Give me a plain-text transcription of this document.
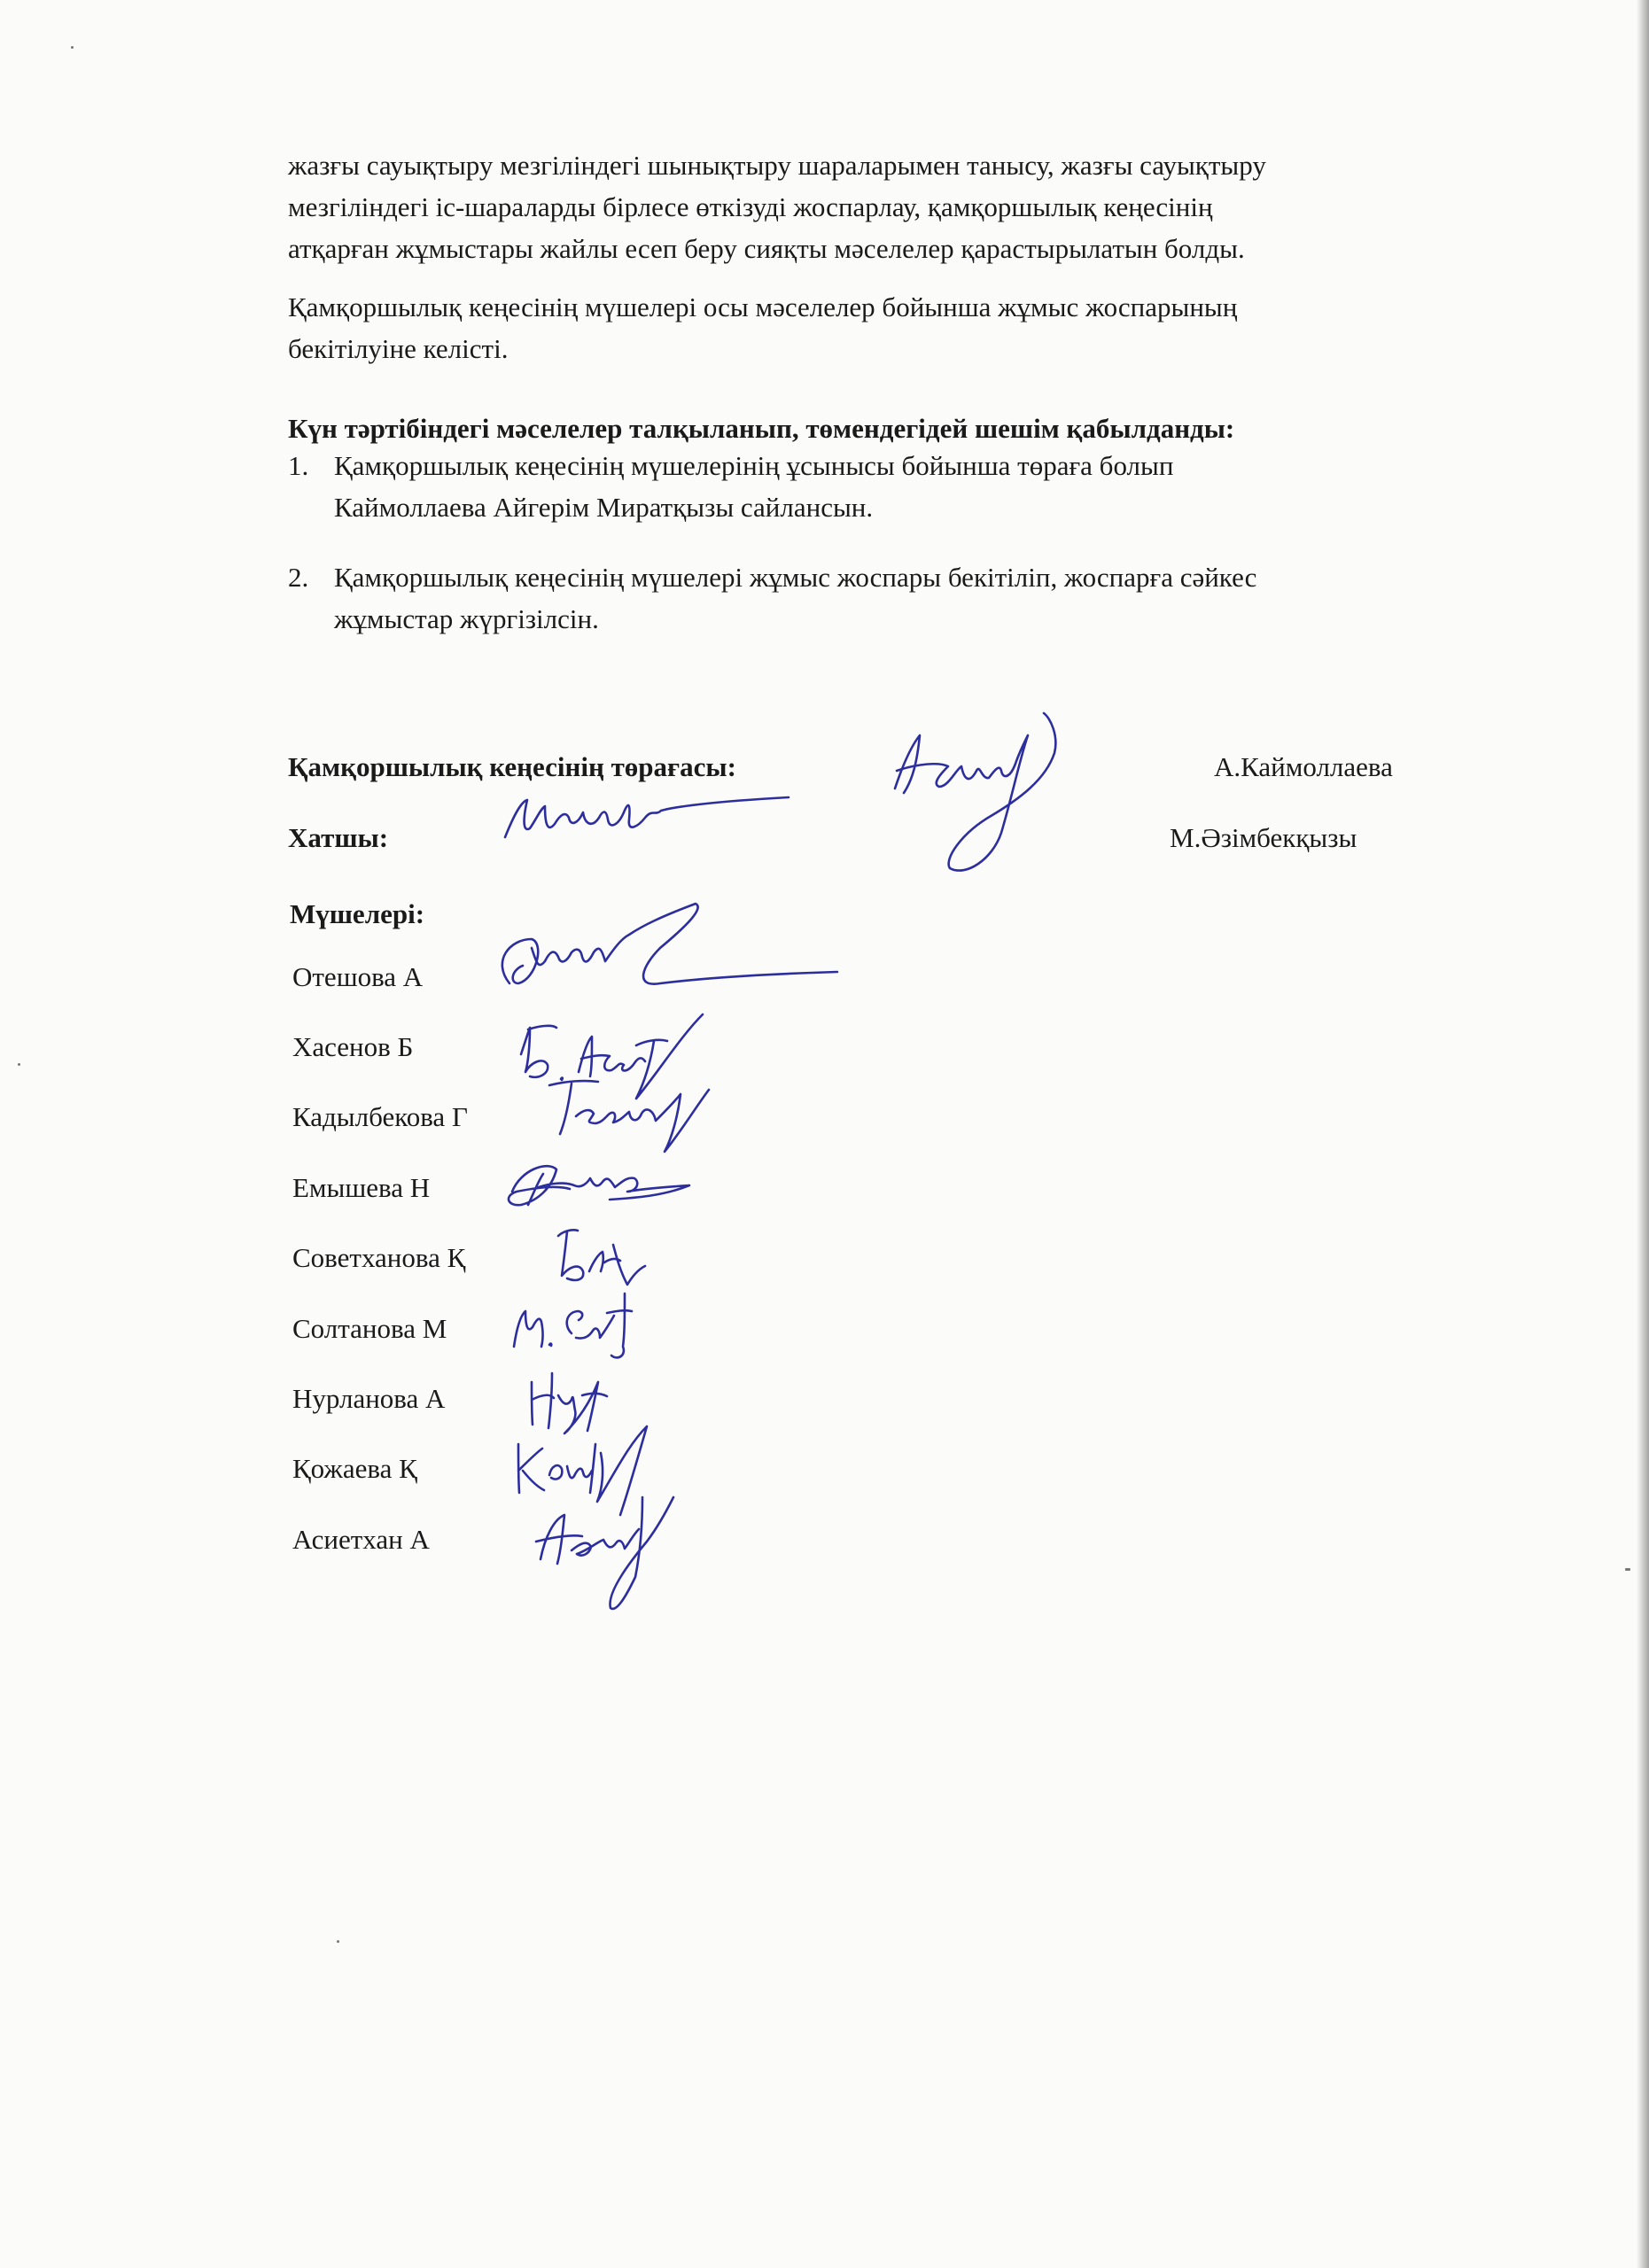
жазғы сауықтыру мезгіліндегі шынықтыру шараларымен танысу, жазғы сауықтыру
мезгіліндегі іс-шараларды бірлесе өткізуді жоспарлау, қамқоршылық кеңесінің
атқарған жұмыстары жайлы есеп беру сияқты мәселелер қарастырылатын болды.
Қамқоршылық кеңесінің мүшелері осы мәселелер бойынша жұмыс жоспарының
бекітілуіне келісті.
Күн тәртібіндегі мәселелер талқыланып, төмендегідей шешім қабылданды:
1. Қамқоршылық кеңесінің мүшелерінің ұсынысы бойынша төраға болып
Каймоллаева Айгерім Миратқызы сайлансын.
2. Қамқоршылық кеңесінің мүшелері жұмыс жоспары бекітіліп, жоспарға сәйкес
жұмыстар жүргізілсін.
Қамқоршылық кеңесінің төрағасы:	А.Каймоллаева
Хатшы:	М.Әзімбекқызы
Мүшелері:
Отешова А
Хасенов Б
Кадылбекова Г
Емышева Н
Советханова Қ
Солтанова М
Нурланова А
Қожаева Қ
Асиетхан А
